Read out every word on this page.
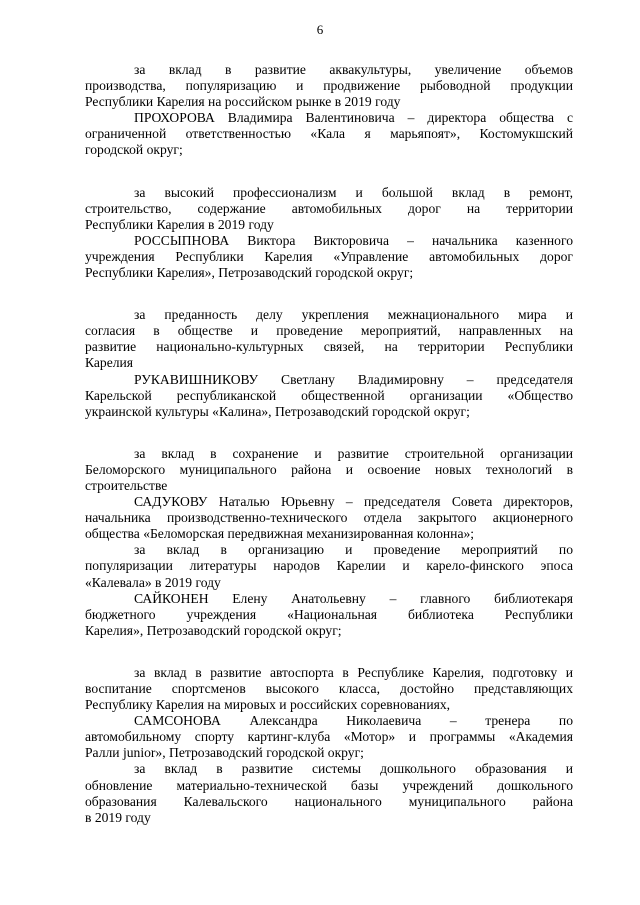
6
за вклад в развитие аквакультуры, увеличение объемов
производства, популяризацию и продвижение рыбоводной продукции
Республики Карелия на российском рынке в 2019 году
ПРОХОРОВА Владимира Валентиновича – директора общества с
ограниченной ответственностью «Кала я марьяпоят», Костомукшский
городской округ;
за высокий профессионализм и большой вклад в ремонт,
строительство, содержание автомобильных дорог на территории
Республики Карелия в 2019 году
РОССЫПНОВА Виктора Викторовича – начальника казенного
учреждения Республики Карелия «Управление автомобильных дорог
Республики Карелия», Петрозаводский городской округ;
за преданность делу укрепления межнационального мира и
согласия в обществе и проведение мероприятий, направленных на
развитие национально-культурных связей, на территории Республики
Карелия
РУКАВИШНИКОВУ Светлану Владимировну – председателя
Карельской республиканской общественной организации «Общество
украинской культуры «Калина», Петрозаводский городской округ;
за вклад в сохранение и развитие строительной организации
Беломорского муниципального района и освоение новых технологий в
строительстве
САДУКОВУ Наталью Юрьевну – председателя Совета директоров,
начальника производственно-технического отдела закрытого акционерного
общества «Беломорская передвижная механизированная колонна»;
за вклад в организацию и проведение мероприятий по
популяризации литературы народов Карелии и карело-финского эпоса
«Калевала» в 2019 году
САЙКОНЕН Елену Анатольевну – главного библиотекаря
бюджетного учреждения «Национальная библиотека Республики
Карелия», Петрозаводский городской округ;
за вклад в развитие автоспорта в Республике Карелия, подготовку и
воспитание спортсменов высокого класса, достойно представляющих
Республику Карелия на мировых и российских соревнованиях,
САМСОНОВА Александра Николаевича – тренера по
автомобильному спорту картинг-клуба «Мотор» и программы «Академия
Ралли junior», Петрозаводский городской округ;
за вклад в развитие системы дошкольного образования и
обновление материально-технической базы учреждений дошкольного
образования Калевальского национального муниципального района
в 2019 году
